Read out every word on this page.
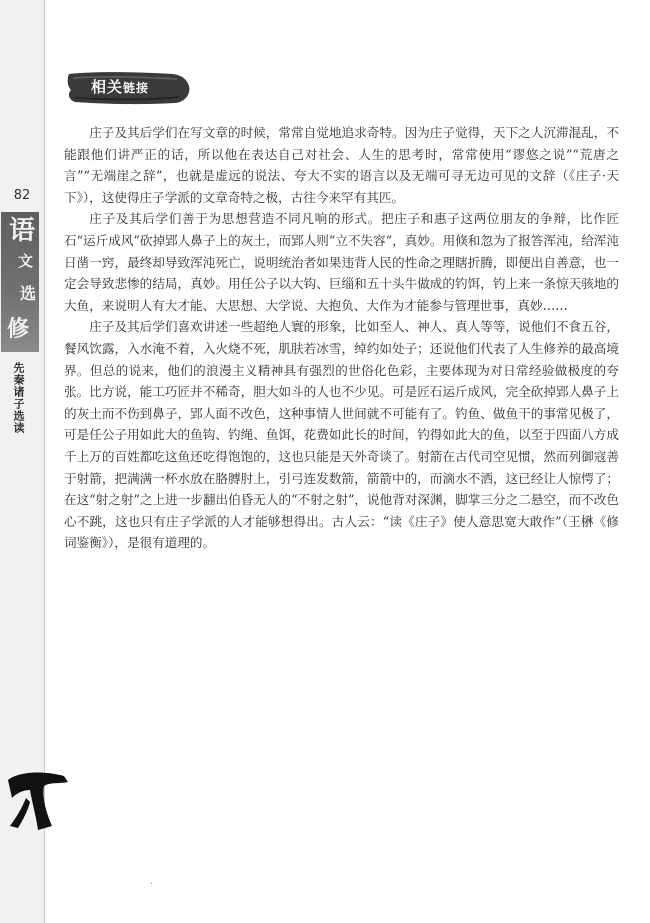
82
语
文
选
修
先秦诸子选读
相关链接

庄子及其后学们在写文章的时候，常常自觉地追求奇特。因为庄子觉得，天下之人沉滞混乱，不能跟他们讲严正的话，所以他在表达自己对社会、人生的思考时，常常使用“谬悠之说”“荒唐之言”“无端崖之辞”，也就是虚远的说法、夸大不实的语言以及无端可寻无边可见的文辞（《庄子·天下》），这使得庄子学派的文章奇特之极，古往今来罕有其匹。

庄子及其后学们善于为思想营造不同凡响的形式。把庄子和惠子这两位朋友的争辩，比作匠石“运斤成风”砍掉郢人鼻子上的灰土，而郢人则“立不失容”，真妙。用倏和忽为了报答浑沌，给浑沌日凿一窍，最终却导致浑沌死亡，说明统治者如果违背人民的性命之理瞎折腾，即便出自善意，也一定会导致悲惨的结局，真妙。用任公子以大钩、巨缁和五十头牛做成的钓饵，钓上来一条惊天骇地的大鱼，来说明人有大才能、大思想、大学说、大抱负、大作为才能参与管理世事，真妙……

庄子及其后学们喜欢讲述一些超绝人寰的形象，比如至人、神人、真人等等，说他们不食五谷，餐风饮露，入水淹不着，入火烧不死，肌肤若冰雪，绰约如处子；还说他们代表了人生修养的最高境界。但总的说来，他们的浪漫主义精神具有强烈的世俗化色彩，主要体现为对日常经验做极度的夸张。比方说，能工巧匠并不稀奇，胆大如斗的人也不少见。可是匠石运斤成风，完全砍掉郢人鼻子上的灰土而不伤到鼻子，郢人面不改色，这种事情人世间就不可能有了。钓鱼、做鱼干的事常见极了，可是任公子用如此大的鱼钩、钓绳、鱼饵，花费如此长的时间，钓得如此大的鱼，以至于四面八方成千上万的百姓都吃这鱼还吃得饱饱的，这也只能是天外奇谈了。射箭在古代司空见惯，然而列御寇善于射箭，把满满一杯水放在胳膊肘上，引弓连发数箭，箭箭中的，而滴水不洒，这已经让人惊愕了；在这“射之射”之上进一步翻出伯昏无人的“不射之射”，说他背对深渊，脚掌三分之二悬空，而不改色心不跳，这也只有庄子学派的人才能够想得出。古人云：“读《庄子》使人意思宽大敢作”（王楙《修词鉴衡》），是很有道理的。

·
